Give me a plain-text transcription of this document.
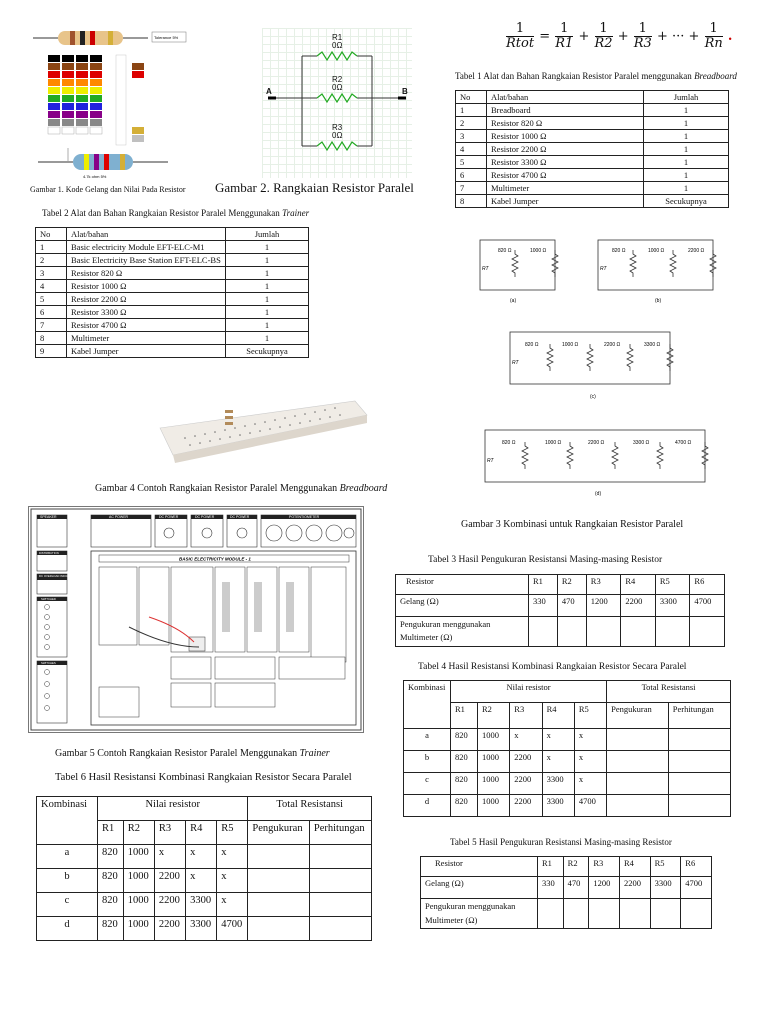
$\frac{1}{\text{Rtot}} = \frac{1}{R1} + \frac{1}{R2} + \frac{1}{R3}$ + ··· + $\frac{1}{Rn}$ .
Tolerance 5%
4.7k ohm 5%
Gambar 1. Kode Gelang dan Nilai Pada Resistor
R1
0Ω
R2
0Ω
R3
0Ω
A	B
Gambar 2. Rangkaian Resistor Paralel
Tabel 1 Alat dan Bahan Rangkaian Resistor Paralel menggunakan Breadboard
No	Alat/bahan	Jumlah
1	Breadboard	1
2	Resistor 820 Ω	1
3	Resistor 1000 Ω	1
4	Resistor 2200 Ω	1
5	Resistor 3300 Ω	1
6	Resistor 4700 Ω	1
7	Multimeter	1
8	Kabel Jumper	Secukupnya
Tabel 2 Alat dan Bahan Rangkaian Resistor Paralel Menggunakan Trainer
No	Alat/bahan	Jumlah
1	Basic electricity Module EFT-ELC-M1	1
2	Basic Electricity Base Station EFT-ELC-BS	1
3	Resistor 820 Ω	1
4	Resistor 1000 Ω	1
5	Resistor 2200 Ω	1
6	Resistor 3300 Ω	1
7	Resistor 4700 Ω	1
8	Multimeter	1
9	Kabel Jumper	Secukupnya
RT
820 Ω	1000 Ω
(a)
RT
820 Ω	1000 Ω	2200 Ω
(b)
RT
820 Ω	1000 Ω	2200 Ω	3300 Ω
(c)
RT
820 Ω	1000 Ω	2200 Ω	3300 Ω	4700 Ω
(d)
Gambar 3 Kombinasi untuk Rangkaian Resistor Paralel
Gambar 4 Contoh Rangkaian Resistor Paralel Menggunakan Breadboard
SPEAKER	AC POWER	DC POWER	DC POWER	DC POWER	POTENTIOMETER
DISTRIBUTION
DC OVERLOAD INDICATOR
SWITCHED
SWITCHES
BASIC ELECTRICITY MODULE - 1
Gambar 5 Contoh Rangkaian Resistor Paralel Menggunakan Trainer
Tabel 3 Hasil Pengukuran Resistansi Masing-masing Resistor
Resistor	R1	R2	R3	R4	R5	R6
Gelang (Ω)	330	470	1200	2200	3300	4700
Pengukuran menggunakan Multimeter (Ω)						
Tabel 4 Hasil Resistansi Kombinasi Rangkaian Resistor Secara Paralel
Kombinasi	Nilai resistor					Total Resistansi	
	R1	R2	R3	R4	R5	Pengukuran	Perhitungan
a	820	1000	x	x	x		
b	820	1000	2200	x	x		
c	820	1000	2200	3300	x		
d	820	1000	2200	3300	4700		
Tabel 5 Hasil Pengukuran Resistansi Masing-masing Resistor
Resistor	R1	R2	R3	R4	R5	R6
Gelang (Ω)	330	470	1200	2200	3300	4700
Pengukuran menggunakan Multimeter (Ω)						
Tabel 6 Hasil Resistansi Kombinasi Rangkaian Resistor Secara Paralel
Kombinasi	Nilai resistor					Total Resistansi	
	R1	R2	R3	R4	R5	Pengukuran	Perhitungan
a	820	1000	x	x	x		
b	820	1000	2200	x	x		
c	820	1000	2200	3300	x		
d	820	1000	2200	3300	4700		
